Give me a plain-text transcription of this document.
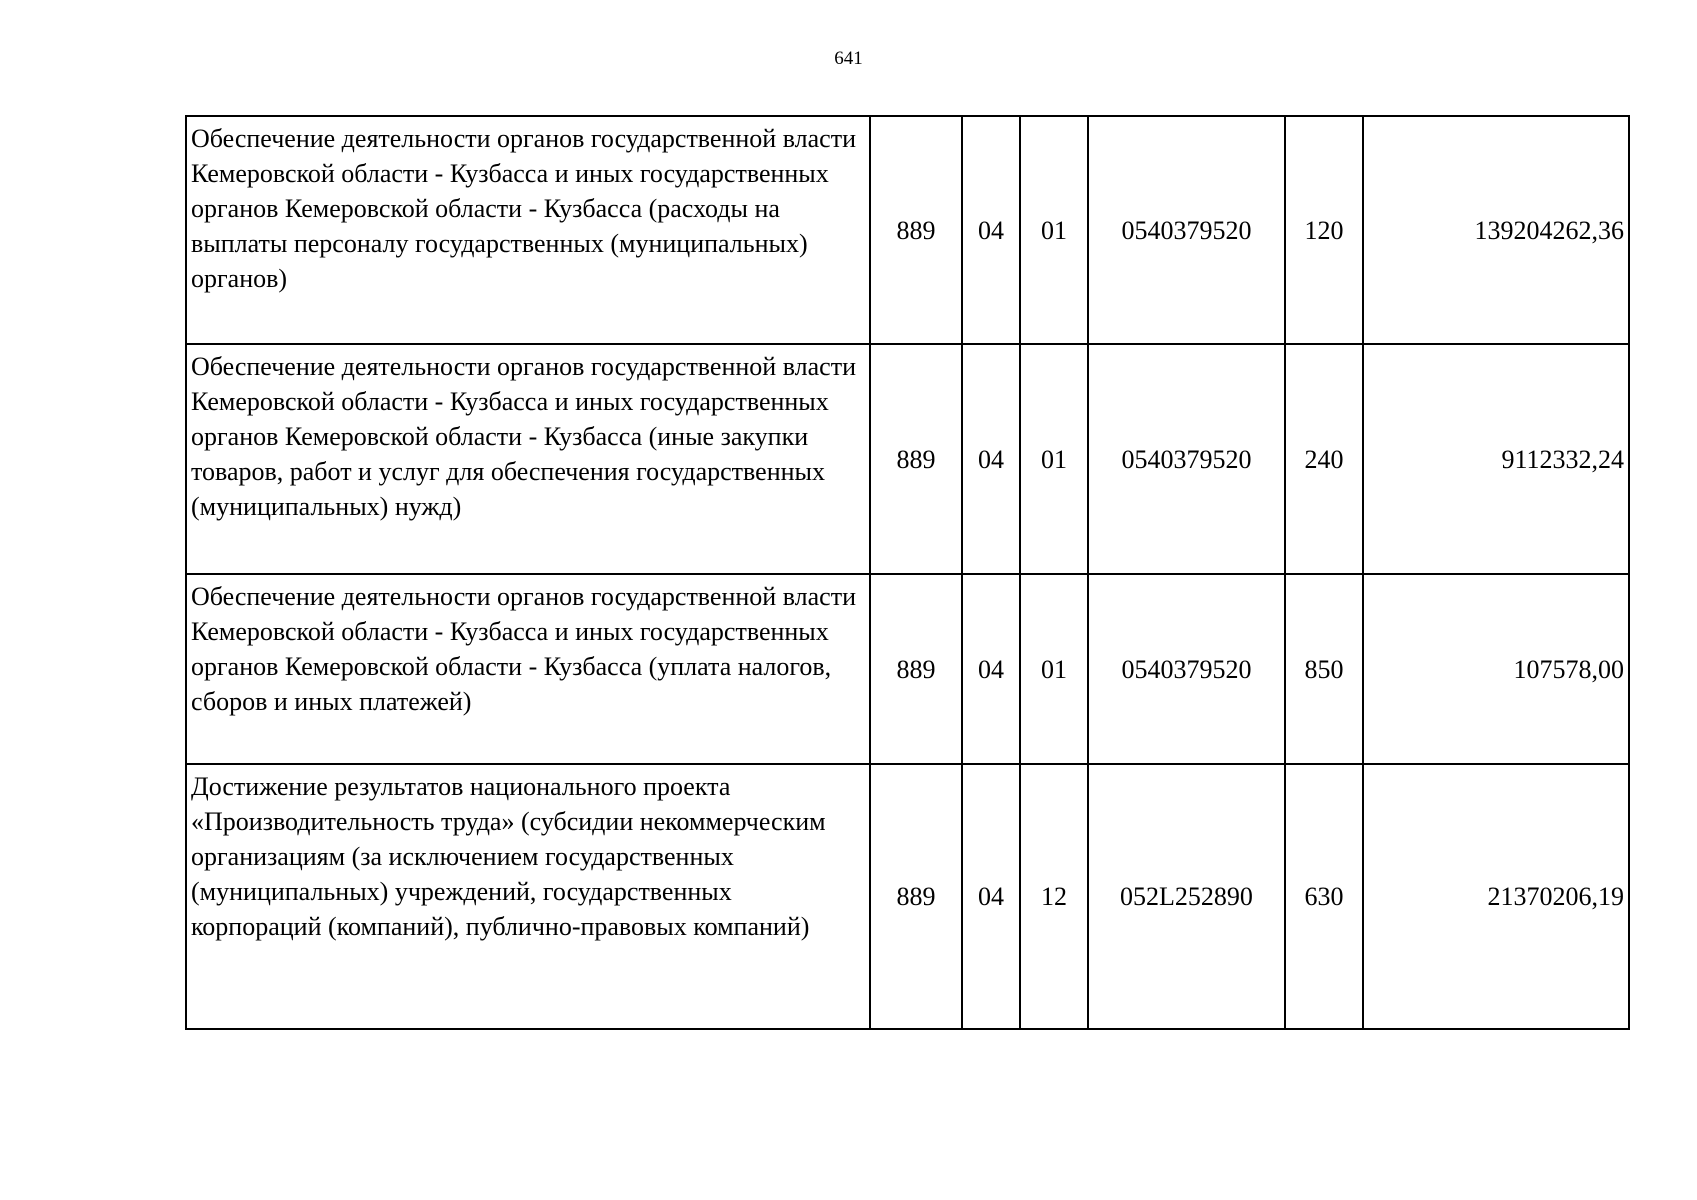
641
Обеспечение деятельности органов государственной власти Кемеровской области - Кузбасса и иных государственных органов Кемеровской области - Кузбасса (расходы на выплаты персоналу государственных (муниципальных) органов)	889	04	01	0540379520	120	139204262,36
Обеспечение деятельности органов государственной власти Кемеровской области - Кузбасса и иных государственных органов Кемеровской области - Кузбасса (иные закупки товаров, работ и услуг для обеспечения государственных (муниципальных) нужд)	889	04	01	0540379520	240	9112332,24
Обеспечение деятельности органов государственной власти Кемеровской области - Кузбасса и иных государственных органов Кемеровской области - Кузбасса (уплата налогов, сборов и иных платежей)	889	04	01	0540379520	850	107578,00
Достижение результатов национального проекта «Производительность труда» (субсидии некоммерческим организациям (за исключением государственных (муниципальных) учреждений, государственных корпораций (компаний), публично-правовых компаний)	889	04	12	052L252890	630	21370206,19
